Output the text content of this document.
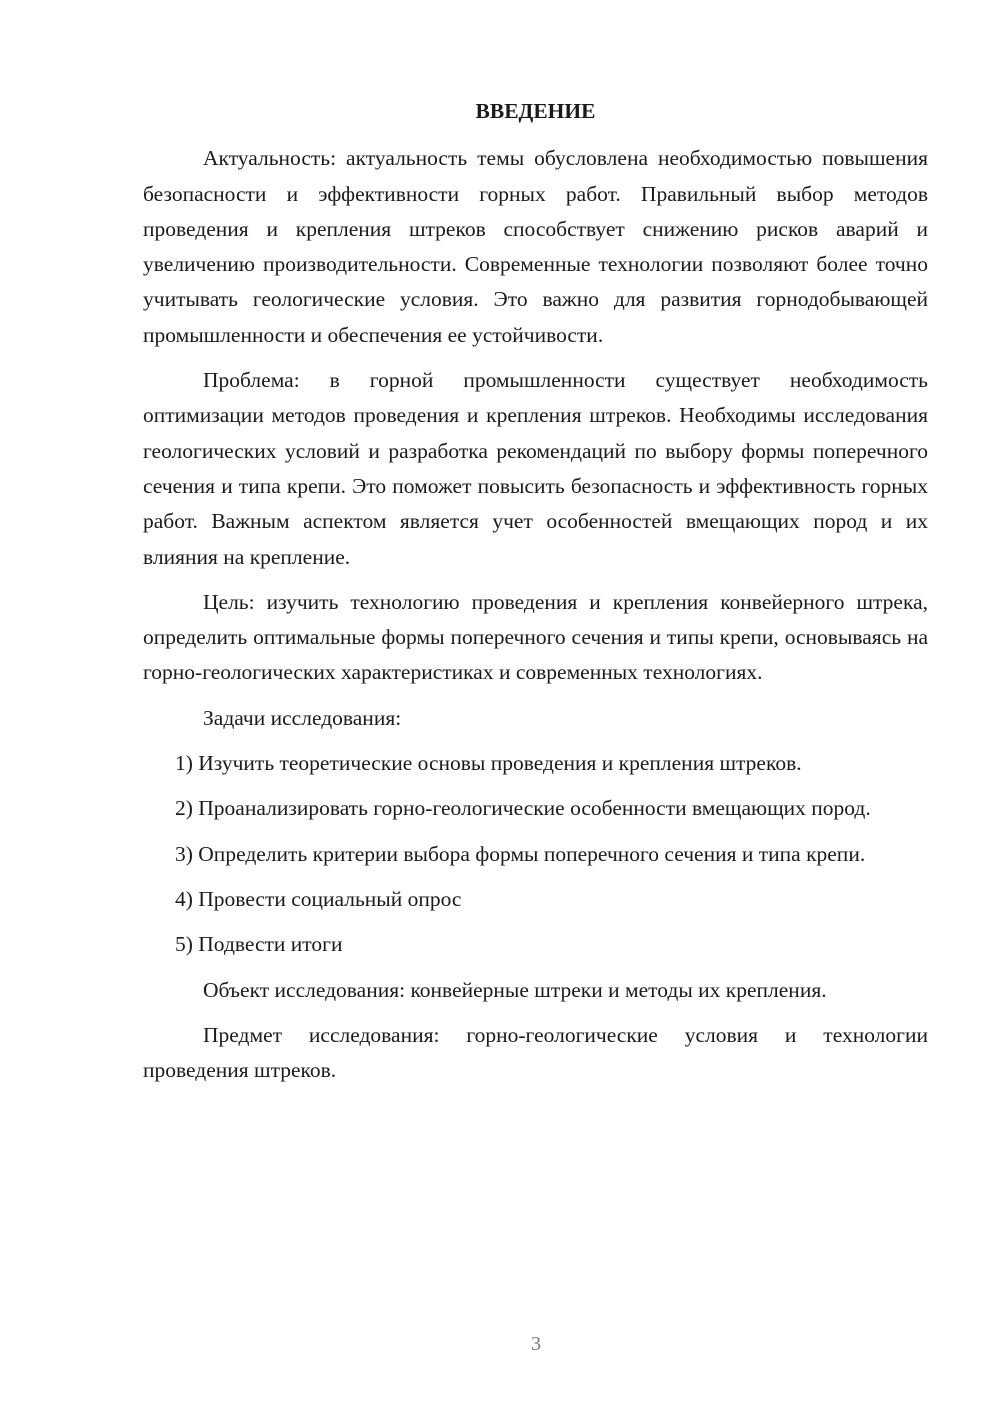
ВВЕДЕНИЕ

Актуальность: актуальность темы обусловлена необходимостью повышения безопасности и эффективности горных работ. Правильный выбор методов проведения и крепления штреков способствует снижению рисков аварий и увеличению производительности. Современные технологии позволяют более точно учитывать геологические условия. Это важно для развития горнодобывающей промышленности и обеспечения ее устойчивости.

Проблема: в горной промышленности существует необходимость оптимизации методов проведения и крепления штреков. Необходимы исследования геологических условий и разработка рекомендаций по выбору формы поперечного сечения и типа крепи. Это поможет повысить безопасность и эффективность горных работ. Важным аспектом является учет особенностей вмещающих пород и их влияния на крепление.

Цель: изучить технологию проведения и крепления конвейерного штрека, определить оптимальные формы поперечного сечения и типы крепи, основываясь на горно-геологических характеристиках и современных технологиях.

Задачи исследования:

1) Изучить теоретические основы проведения и крепления штреков.

2) Проанализировать горно-геологические особенности вмещающих пород.

3) Определить критерии выбора формы поперечного сечения и типа крепи.

4) Провести социальный опрос

5) Подвести итоги

Объект исследования: конвейерные штреки и методы их крепления.

Предмет исследования: горно-геологические условия и технологии проведения штреков.

3
